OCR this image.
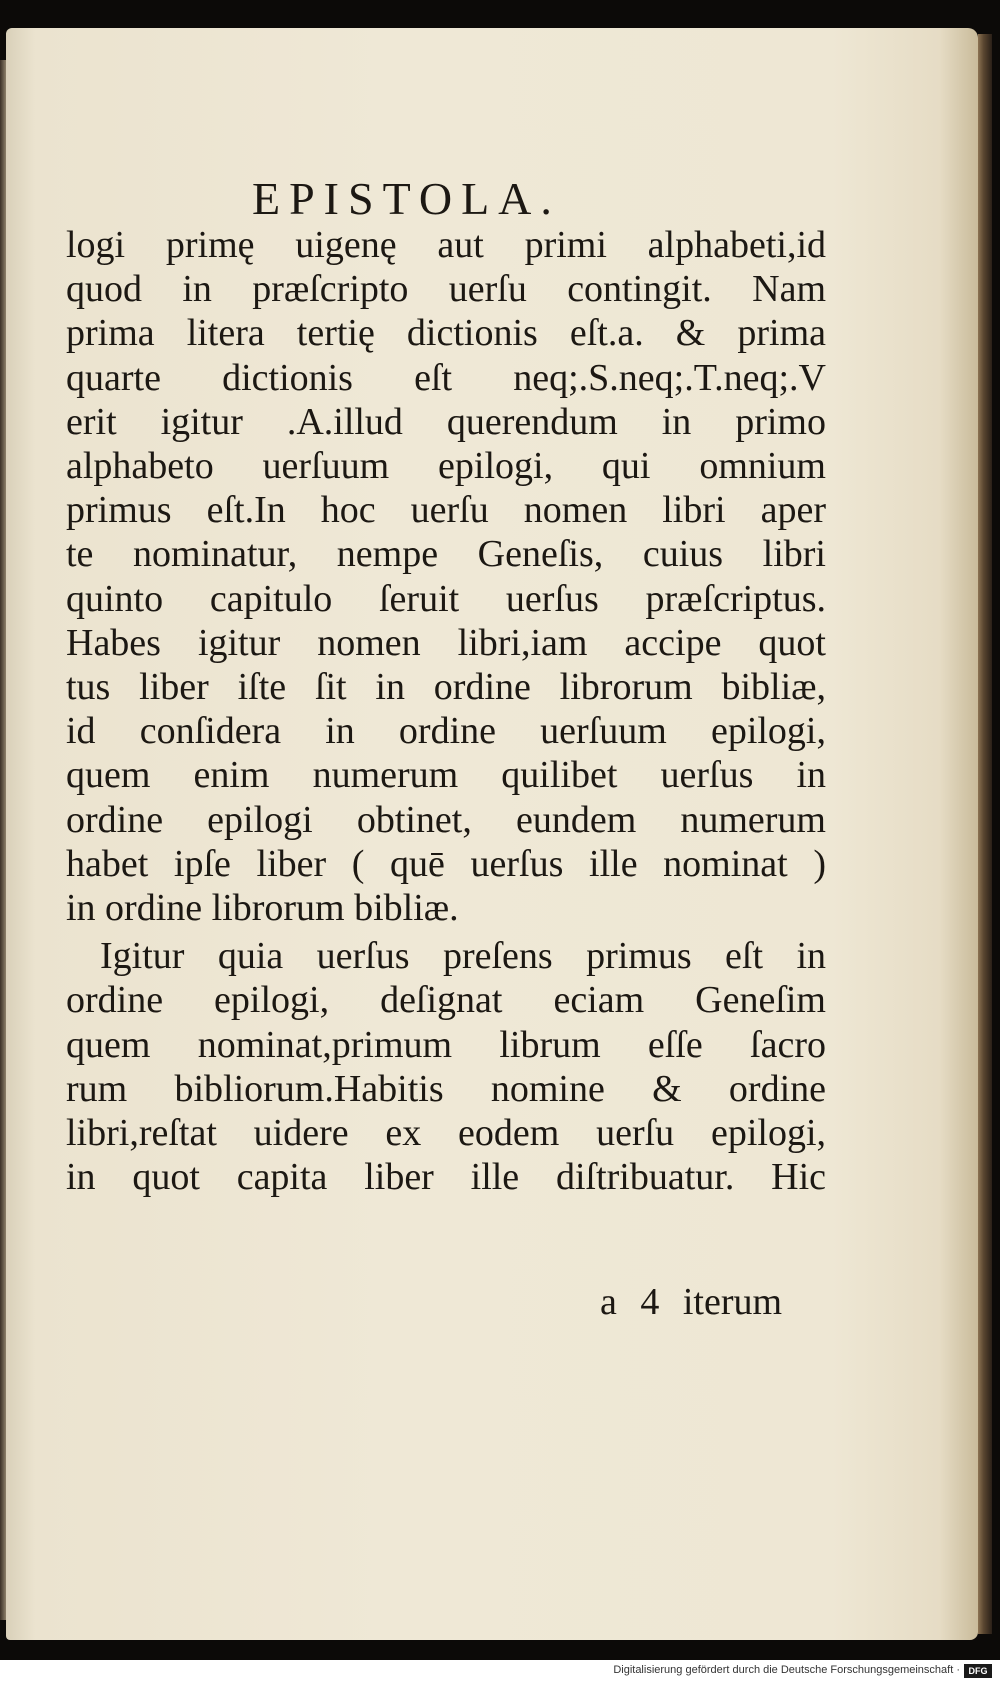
EPISTOLA.
logi primę uigenę aut primi alphabeti,id
quod in præſcripto uerſu contingit. Nam
prima litera tertię dictionis eſt.a. & prima
quarte dictionis eſt neq;.S.neq;.T.neq;.V
erit igitur .A.illud querendum in primo
alphabeto uerſuum epilogi, qui omnium
primus eſt.In hoc uerſu nomen libri aper
te nominatur, nempe Geneſis, cuius libri
quinto capitulo ſeruit uerſus præſcriptus.
Habes igitur nomen libri,iam accipe quot
tus liber iſte ſit in ordine librorum bibliæ,
id conſidera in ordine uerſuum epilogi,
quem enim numerum quilibet uerſus in
ordine epilogi obtinet, eundem numerum
habet ipſe liber ( quē uerſus ille nominat )
in ordine librorum bibliæ.
Igitur quia uerſus preſens primus eſt in
ordine epilogi, deſignat eciam Geneſim
quem nominat,primum librum eſſe ſacro
rum bibliorum.Habitis nomine & ordine
libri,reſtat uidere ex eodem uerſu epilogi,
in quot capita liber ille diſtribuatur. Hic
a 4 iterum
Digitalisierung gefördert durch die Deutsche Forschungsgemeinschaft · DFG
